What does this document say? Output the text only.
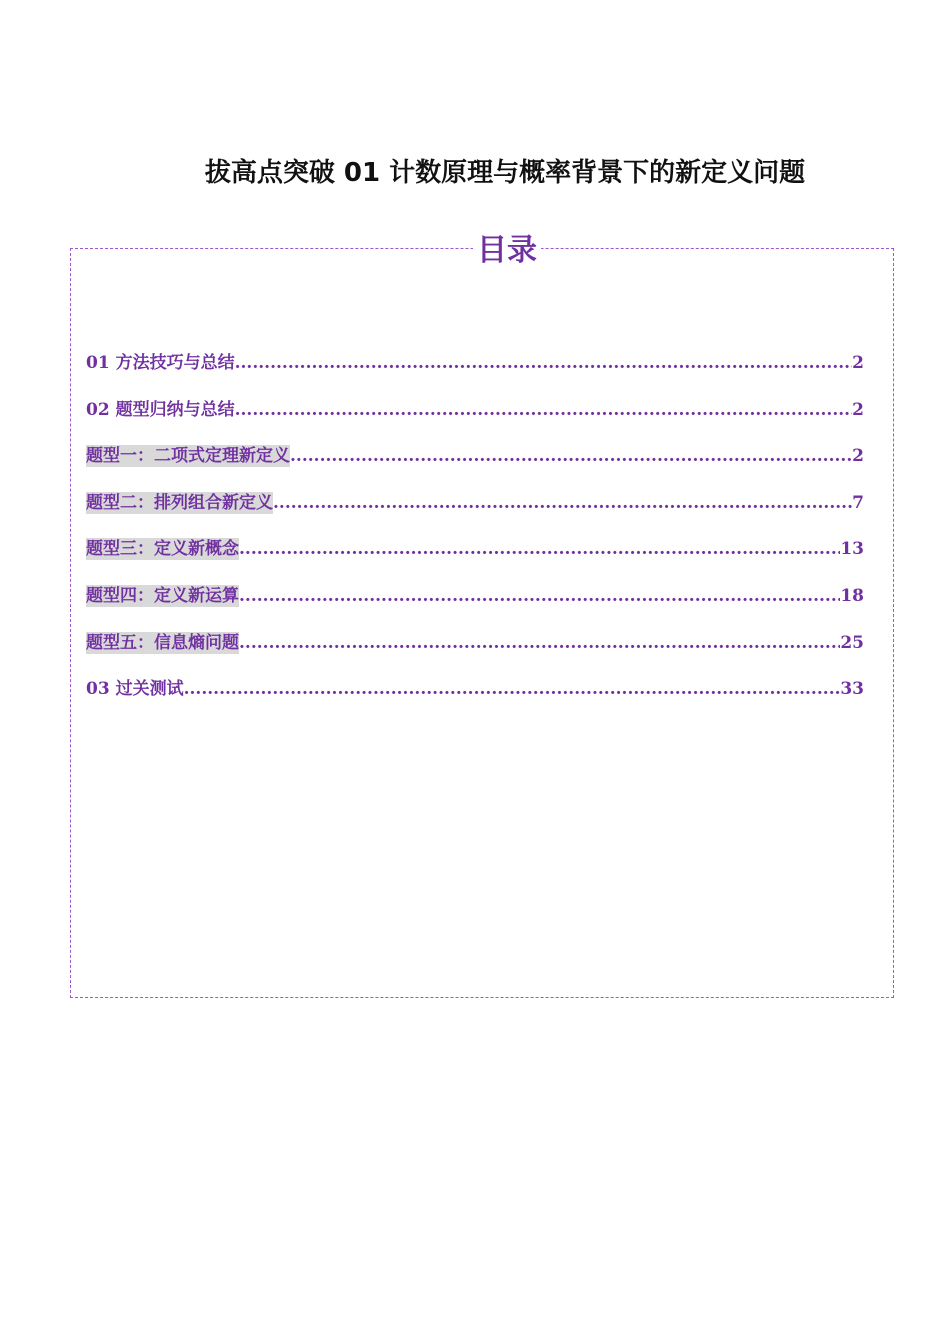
拔高点突破 01 计数原理与概率背景下的新定义问题
目录
01 方法技巧与总结 .....	2
02 题型归纳与总结 .....	2
题型一：二项式定理新定义 .....	2
题型二：排列组合新定义 .....	7
题型三：定义新概念 .....	13
题型四：定义新运算 .....	18
题型五：信息熵问题 .....	25
03 过关测试 .....	33
